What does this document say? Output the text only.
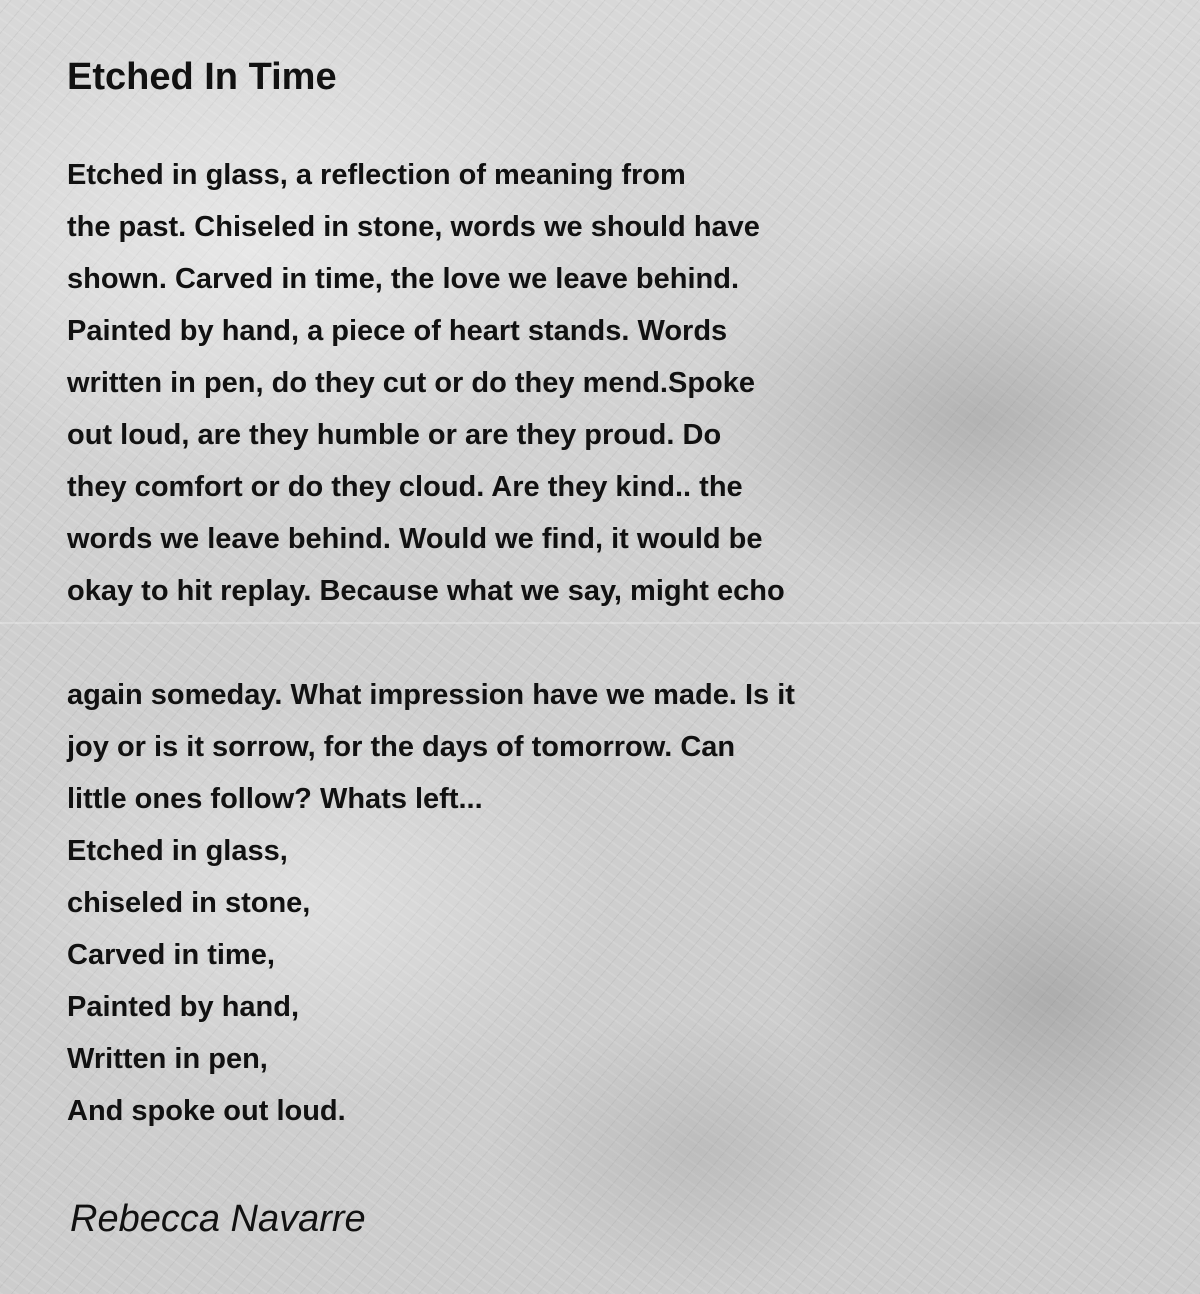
Etched In Time
Etched in glass, a reflection of meaning from
the past. Chiseled in stone, words we should have
shown. Carved in time, the love we leave behind.
Painted by hand, a piece of heart stands. Words
written in pen, do they cut or do they mend.Spoke
out loud, are they humble or are they proud. Do
they comfort or do they cloud. Are they kind.. the
words we leave behind. Would we find, it would be
okay to hit replay. Because what we say, might echo
again someday. What impression have we made. Is it
joy or is it sorrow, for the days of tomorrow. Can
little ones follow? Whats left...
Etched in glass,
chiseled in stone,
Carved in time,
Painted by hand,
Written in pen,
And spoke out loud.

Rebecca Navarre
